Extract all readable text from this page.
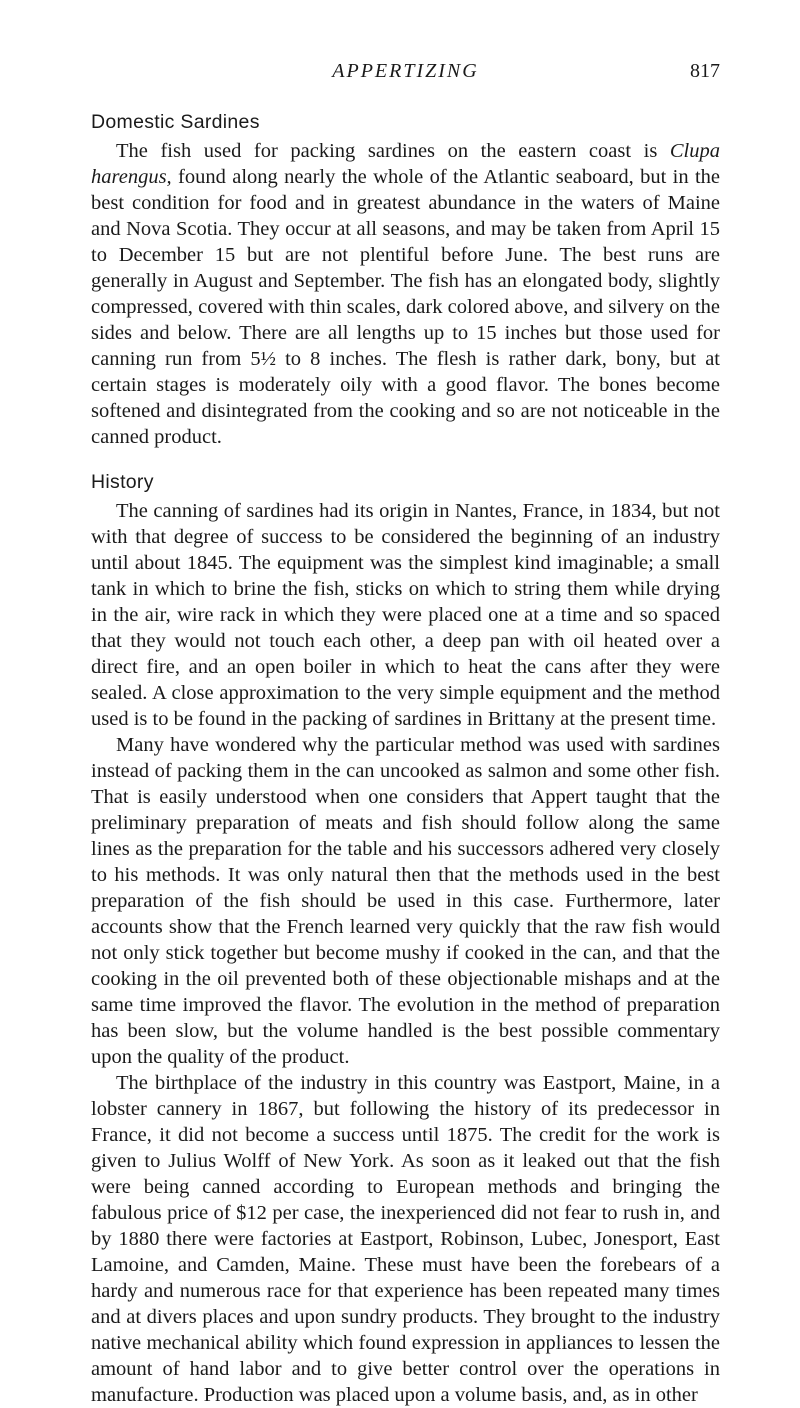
APPERTIZING	817
Domestic Sardines

The fish used for packing sardines on the eastern coast is Clupa harengus, found along nearly the whole of the Atlantic seaboard, but in the best condition for food and in greatest abundance in the waters of Maine and Nova Scotia. They occur at all seasons, and may be taken from April 15 to December 15 but are not plentiful before June. The best runs are generally in August and September. The fish has an elongated body, slightly compressed, covered with thin scales, dark colored above, and silvery on the sides and below. There are all lengths up to 15 inches but those used for canning run from 5½ to 8 inches. The flesh is rather dark, bony, but at certain stages is moderately oily with a good flavor. The bones become softened and disintegrated from the cooking and so are not noticeable in the canned product.

History

The canning of sardines had its origin in Nantes, France, in 1834, but not with that degree of success to be considered the beginning of an industry until about 1845. The equipment was the simplest kind imaginable; a small tank in which to brine the fish, sticks on which to string them while drying in the air, wire rack in which they were placed one at a time and so spaced that they would not touch each other, a deep pan with oil heated over a direct fire, and an open boiler in which to heat the cans after they were sealed. A close approximation to the very simple equipment and the method used is to be found in the packing of sardines in Brittany at the present time.

Many have wondered why the particular method was used with sardines instead of packing them in the can uncooked as salmon and some other fish. That is easily understood when one considers that Appert taught that the preliminary preparation of meats and fish should follow along the same lines as the preparation for the table and his successors adhered very closely to his methods. It was only natural then that the methods used in the best preparation of the fish should be used in this case. Furthermore, later accounts show that the French learned very quickly that the raw fish would not only stick together but become mushy if cooked in the can, and that the cooking in the oil prevented both of these objectionable mishaps and at the same time improved the flavor. The evolution in the method of preparation has been slow, but the volume handled is the best possible commentary upon the quality of the product.

The birthplace of the industry in this country was Eastport, Maine, in a lobster cannery in 1867, but following the history of its predecessor in France, it did not become a success until 1875. The credit for the work is given to Julius Wolff of New York. As soon as it leaked out that the fish were being canned according to European methods and bringing the fabulous price of $12 per case, the inexperienced did not fear to rush in, and by 1880 there were factories at Eastport, Robinson, Lubec, Jonesport, East Lamoine, and Camden, Maine. These must have been the forebears of a hardy and numerous race for that experience has been repeated many times and at divers places and upon sundry products. They brought to the industry native mechanical ability which found expression in appliances to lessen the amount of hand labor and to give better control over the operations in manufacture. Production was placed upon a volume basis, and, as in other
